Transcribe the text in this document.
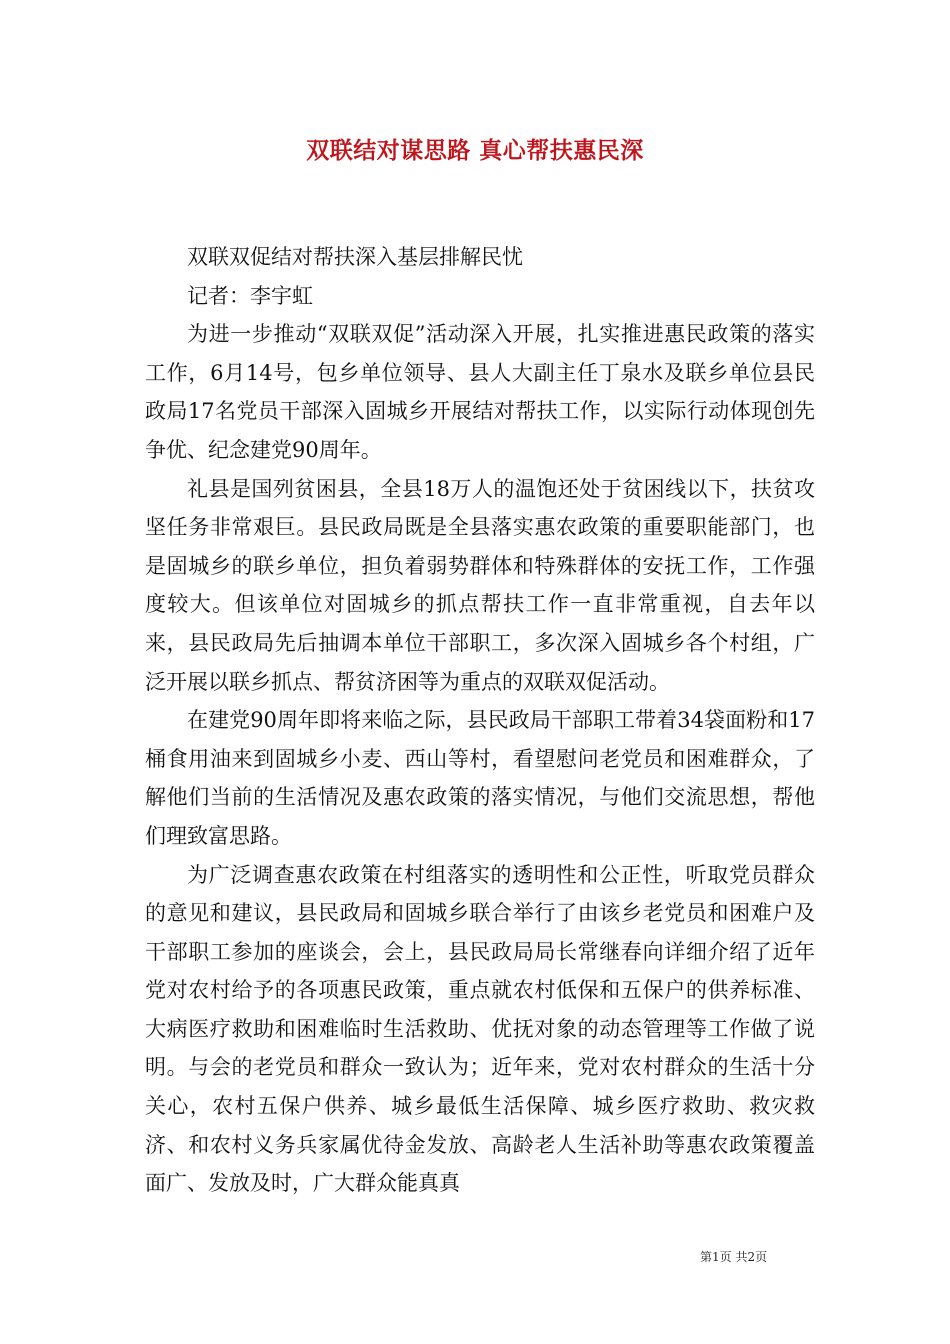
双联结对谋思路 真心帮扶惠民深

双联双促结对帮扶深入基层排解民忧

记者：李宇虹

为进一步推动“双联双促”活动深入开展，扎实推进惠民政策的落实工作，6月14号，包乡单位领导、县人大副主任丁泉水及联乡单位县民政局17名党员干部深入固城乡开展结对帮扶工作，以实际行动体现创先争优、纪念建党90周年。

礼县是国列贫困县，全县18万人的温饱还处于贫困线以下，扶贫攻坚任务非常艰巨。县民政局既是全县落实惠农政策的重要职能部门，也是固城乡的联乡单位，担负着弱势群体和特殊群体的安抚工作，工作强度较大。但该单位对固城乡的抓点帮扶工作一直非常重视，自去年以来，县民政局先后抽调本单位干部职工，多次深入固城乡各个村组，广泛开展以联乡抓点、帮贫济困等为重点的双联双促活动。

在建党90周年即将来临之际，县民政局干部职工带着34袋面粉和17桶食用油来到固城乡小麦、西山等村，看望慰问老党员和困难群众，了解他们当前的生活情况及惠农政策的落实情况，与他们交流思想，帮他们理致富思路。

为广泛调查惠农政策在村组落实的透明性和公正性，听取党员群众的意见和建议，县民政局和固城乡联合举行了由该乡老党员和困难户及干部职工参加的座谈会，会上，县民政局局长常继春向详细介绍了近年党对农村给予的各项惠民政策，重点就农村低保和五保户的供养标准、大病医疗救助和困难临时生活救助、优抚对象的动态管理等工作做了说明。与会的老党员和群众一致认为；近年来，党对农村群众的生活十分关心，农村五保户供养、城乡最低生活保障、城乡医疗救助、救灾救济、和农村义务兵家属优待金发放、高龄老人生活补助等惠农政策覆盖面广、发放及时，广大群众能真真

第1页 共2页
